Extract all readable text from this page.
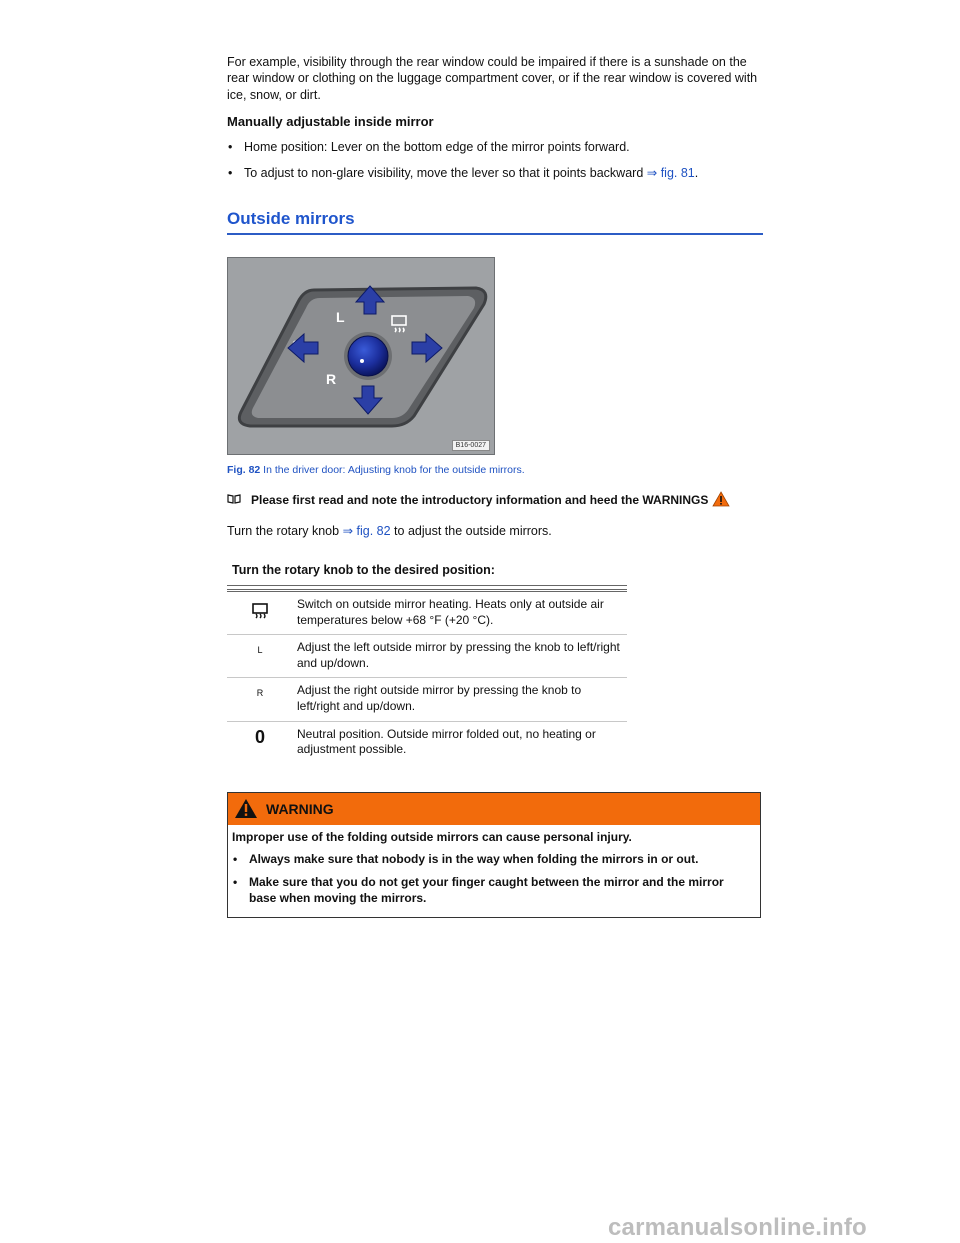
For example, visibility through the rear window could be impaired if there is a sunshade on the rear window or clothing on the luggage compartment cover, or if the rear window is covered with ice, snow, or dirt.

Manually adjustable inside mirror

• Home position: Lever on the bottom edge of the mirror points forward.
• To adjust to non-glare visibility, move the lever so that it points backward ⇒ fig. 81.
Outside mirrors
L
R
B16-0027

Fig. 82 In the driver door: Adjusting knob for the outside mirrors.

Please first read and note the introductory information and heed the WARNINGS

Turn the rotary knob ⇒ fig. 82 to adjust the outside mirrors.

Turn the rotary knob to the desired position:

	Switch on outside mirror heating. Heats only at outside air temperatures below +68 °F (+20 °C).
L	Adjust the left outside mirror by pressing the knob to left/right and up/down.
R	Adjust the right outside mirror by pressing the knob to left/right and up/down.
0	Neutral position. Outside mirror folded out, no heating or adjustment possible.
WARNING

Improper use of the folding outside mirrors can cause personal injury.

• Always make sure that nobody is in the way when folding the mirrors in or out.
• Make sure that you do not get your finger caught between the mirror and the mirror base when moving the mirrors.
carmanualsonline.info
